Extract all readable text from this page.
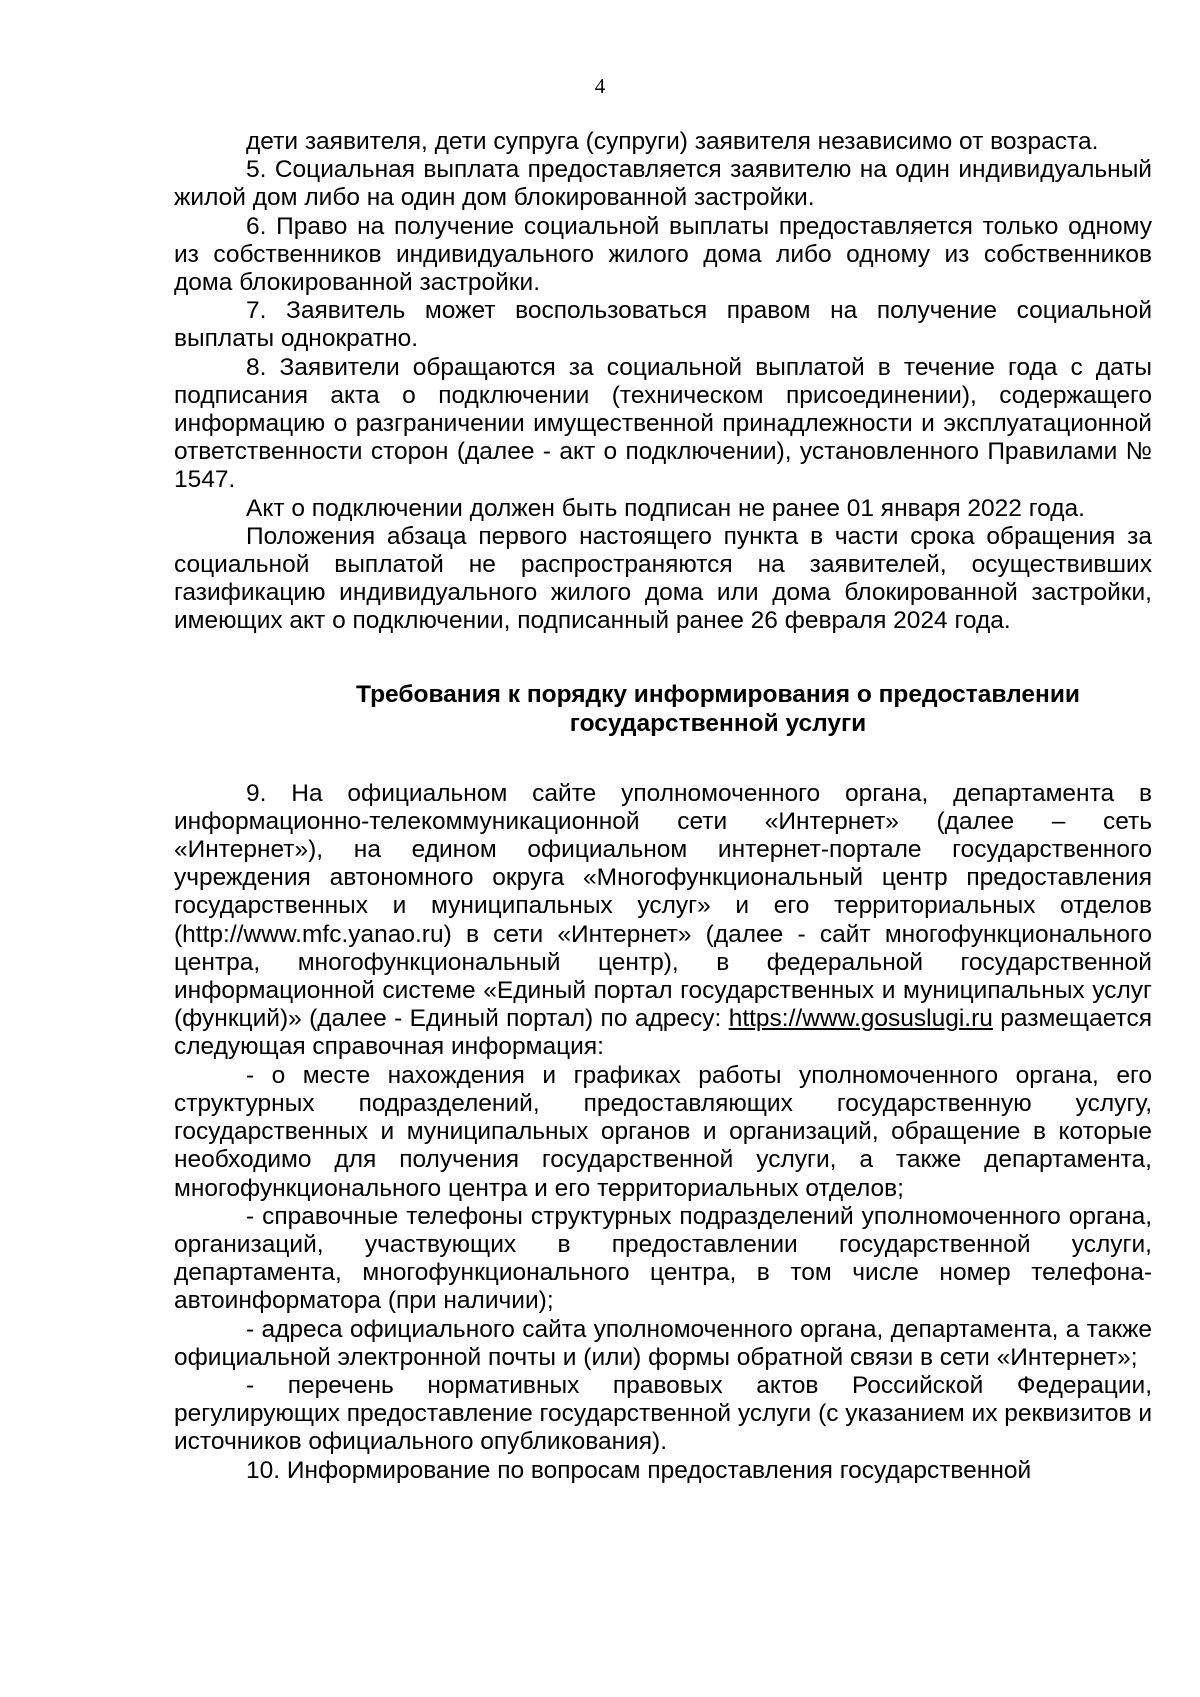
4

дети заявителя, дети супруга (супруги) заявителя независимо от возраста.

5. Социальная выплата предоставляется заявителю на один индивидуальный жилой дом либо на один дом блокированной застройки.

6. Право на получение социальной выплаты предоставляется только одному из собственников индивидуального жилого дома либо одному из собственников дома блокированной застройки.

7. Заявитель может воспользоваться правом на получение социальной выплаты однократно.

8. Заявители обращаются за социальной выплатой в течение года с даты подписания акта о подключении (техническом присоединении), содержащего информацию о разграничении имущественной принадлежности и эксплуатационной ответственности сторон (далее - акт о подключении), установленного Правилами № 1547.

Акт о подключении должен быть подписан не ранее 01 января 2022 года.

Положения абзаца первого настоящего пункта в части срока обращения за социальной выплатой не распространяются на заявителей, осуществивших газификацию индивидуального жилого дома или дома блокированной застройки, имеющих акт о подключении, подписанный ранее 26 февраля 2024 года.

Требования к порядку информирования о предоставлении
государственной услуги

9. На официальном сайте уполномоченного органа, департамента в информационно-телекоммуникационной сети «Интернет» (далее – сеть «Интернет»), на едином официальном интернет-портале государственного учреждения автономного округа «Многофункциональный центр предоставления государственных и муниципальных услуг» и его территориальных отделов (http://www.mfc.yanao.ru) в сети «Интернет» (далее - сайт многофункционального центра, многофункциональный центр), в федеральной государственной информационной системе «Единый портал государственных и муниципальных услуг (функций)» (далее - Единый портал) по адресу: https://www.gosuslugi.ru размещается следующая справочная информация:

- о месте нахождения и графиках работы уполномоченного органа, его структурных подразделений, предоставляющих государственную услугу, государственных и муниципальных органов и организаций, обращение в которые необходимо для получения государственной услуги, а также департамента, многофункционального центра и его территориальных отделов;

- справочные телефоны структурных подразделений уполномоченного органа, организаций, участвующих в предоставлении государственной услуги, департамента, многофункционального центра, в том числе номер телефона-автоинформатора (при наличии);

- адреса официального сайта уполномоченного органа, департамента, а также официальной электронной почты и (или) формы обратной связи в сети «Интернет»;

- перечень нормативных правовых актов Российской Федерации, регулирующих предоставление государственной услуги (с указанием их реквизитов и источников официального опубликования).

10. Информирование по вопросам предоставления государственной
